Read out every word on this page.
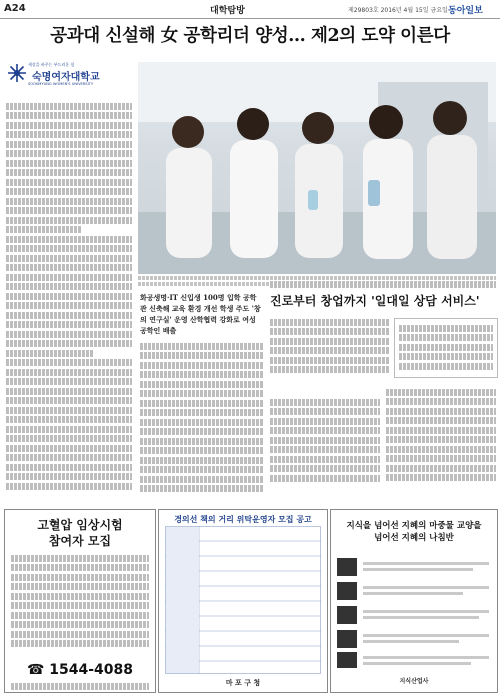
A24	대학탐방	제29803호 2016년 4월 15일 금요일 동아일보
공과대 신설해 女 공학리더 양성… 제2의 도약 이른다
세상을 바꾸는 부드러운 힘
숙명여자대학교
SOOKMYUNG WOMEN'S UNIVERSITY
화공생명·IT 신입생 100명 입학 공학관 신축해 교육 환경 개선 학생 주도 '창의 연구실' 운영 산학협력 강화로 여성 공학인 배출
진로부터 창업까지 '일대일 상담 서비스'
고혈압 임상시험
참여자 모집
☎ 1544-4088
경의선 책의 거리 위탁운영자 모집 공고
마 포 구 청
지식을 넘어선 지혜의 마중물 교양을 넘어선 지혜의 나침반
지식산업사
